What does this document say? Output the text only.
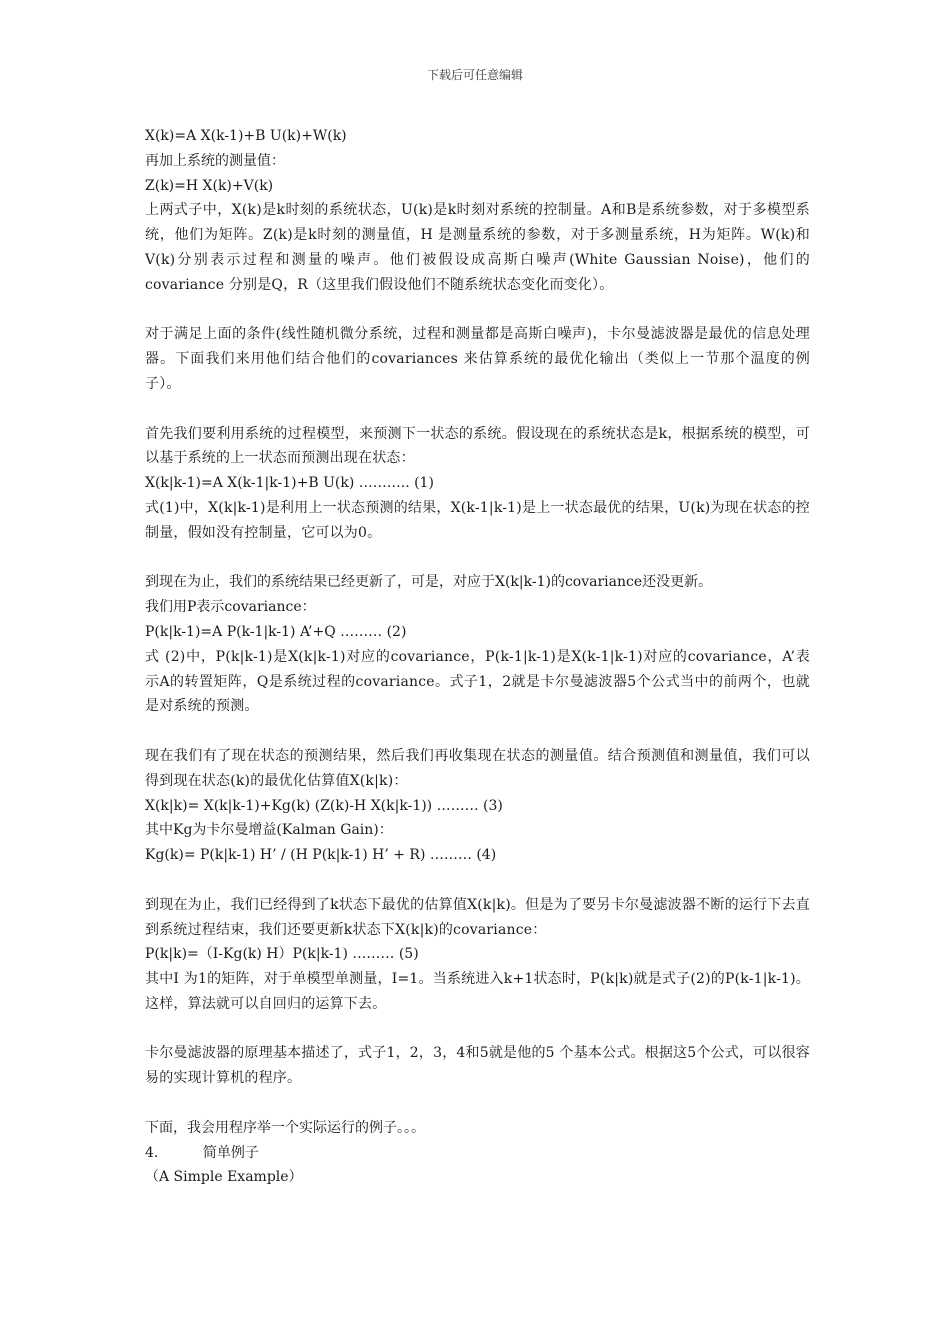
下载后可任意编辑
X(k)=A X(k-1)+B U(k)+W(k)
再加上系统的测量值：
Z(k)=H X(k)+V(k)
上两式子中，X(k)是k时刻的系统状态，U(k)是k时刻对系统的控制量。A和B是系统参数，对于多模型系统，他们为矩阵。Z(k)是k时刻的测量值，H 是测量系统的参数，对于多测量系统，H为矩阵。W(k)和V(k)分别表示过程和测量的噪声。他们被假设成高斯白噪声(White Gaussian Noise)，他们的covariance 分别是Q，R（这里我们假设他们不随系统状态变化而变化）。
对于满足上面的条件(线性随机微分系统，过程和测量都是高斯白噪声)，卡尔曼滤波器是最优的信息处理器。下面我们来用他们结合他们的covariances 来估算系统的最优化输出（类似上一节那个温度的例子）。
首先我们要利用系统的过程模型，来预测下一状态的系统。假设现在的系统状态是k，根据系统的模型，可以基于系统的上一状态而预测出现在状态：
X(k|k-1)=A X(k-1|k-1)+B U(k) ……….. (1)
式(1)中，X(k|k-1)是利用上一状态预测的结果，X(k-1|k-1)是上一状态最优的结果，U(k)为现在状态的控制量，假如没有控制量，它可以为0。
到现在为止，我们的系统结果已经更新了，可是，对应于X(k|k-1)的covariance还没更新。
我们用P表示covariance：
P(k|k-1)=A P(k-1|k-1) A’+Q ……… (2)
式 (2)中，P(k|k-1)是X(k|k-1)对应的covariance，P(k-1|k-1)是X(k-1|k-1)对应的covariance，A’表示A的转置矩阵，Q是系统过程的covariance。式子1，2就是卡尔曼滤波器5个公式当中的前两个，也就是对系统的预测。
现在我们有了现在状态的预测结果，然后我们再收集现在状态的测量值。结合预测值和测量值，我们可以得到现在状态(k)的最优化估算值X(k|k)：
X(k|k)= X(k|k-1)+Kg(k) (Z(k)-H X(k|k-1)) ……… (3)
其中Kg为卡尔曼增益(Kalman Gain)：
Kg(k)= P(k|k-1) H’ / (H P(k|k-1) H’ + R) ……… (4)
到现在为止，我们已经得到了k状态下最优的估算值X(k|k)。但是为了要另卡尔曼滤波器不断的运行下去直到系统过程结束，我们还要更新k状态下X(k|k)的covariance：
P(k|k)=（I-Kg(k) H）P(k|k-1) ……… (5)
其中I 为1的矩阵，对于单模型单测量，I=1。当系统进入k+1状态时，P(k|k)就是式子(2)的P(k-1|k-1)。这样，算法就可以自回归的运算下去。
卡尔曼滤波器的原理基本描述了，式子1，2，3，4和5就是他的5 个基本公式。根据这5个公式，可以很容易的实现计算机的程序。
下面，我会用程序举一个实际运行的例子。。。
4.          简单例子
（A Simple Example）
